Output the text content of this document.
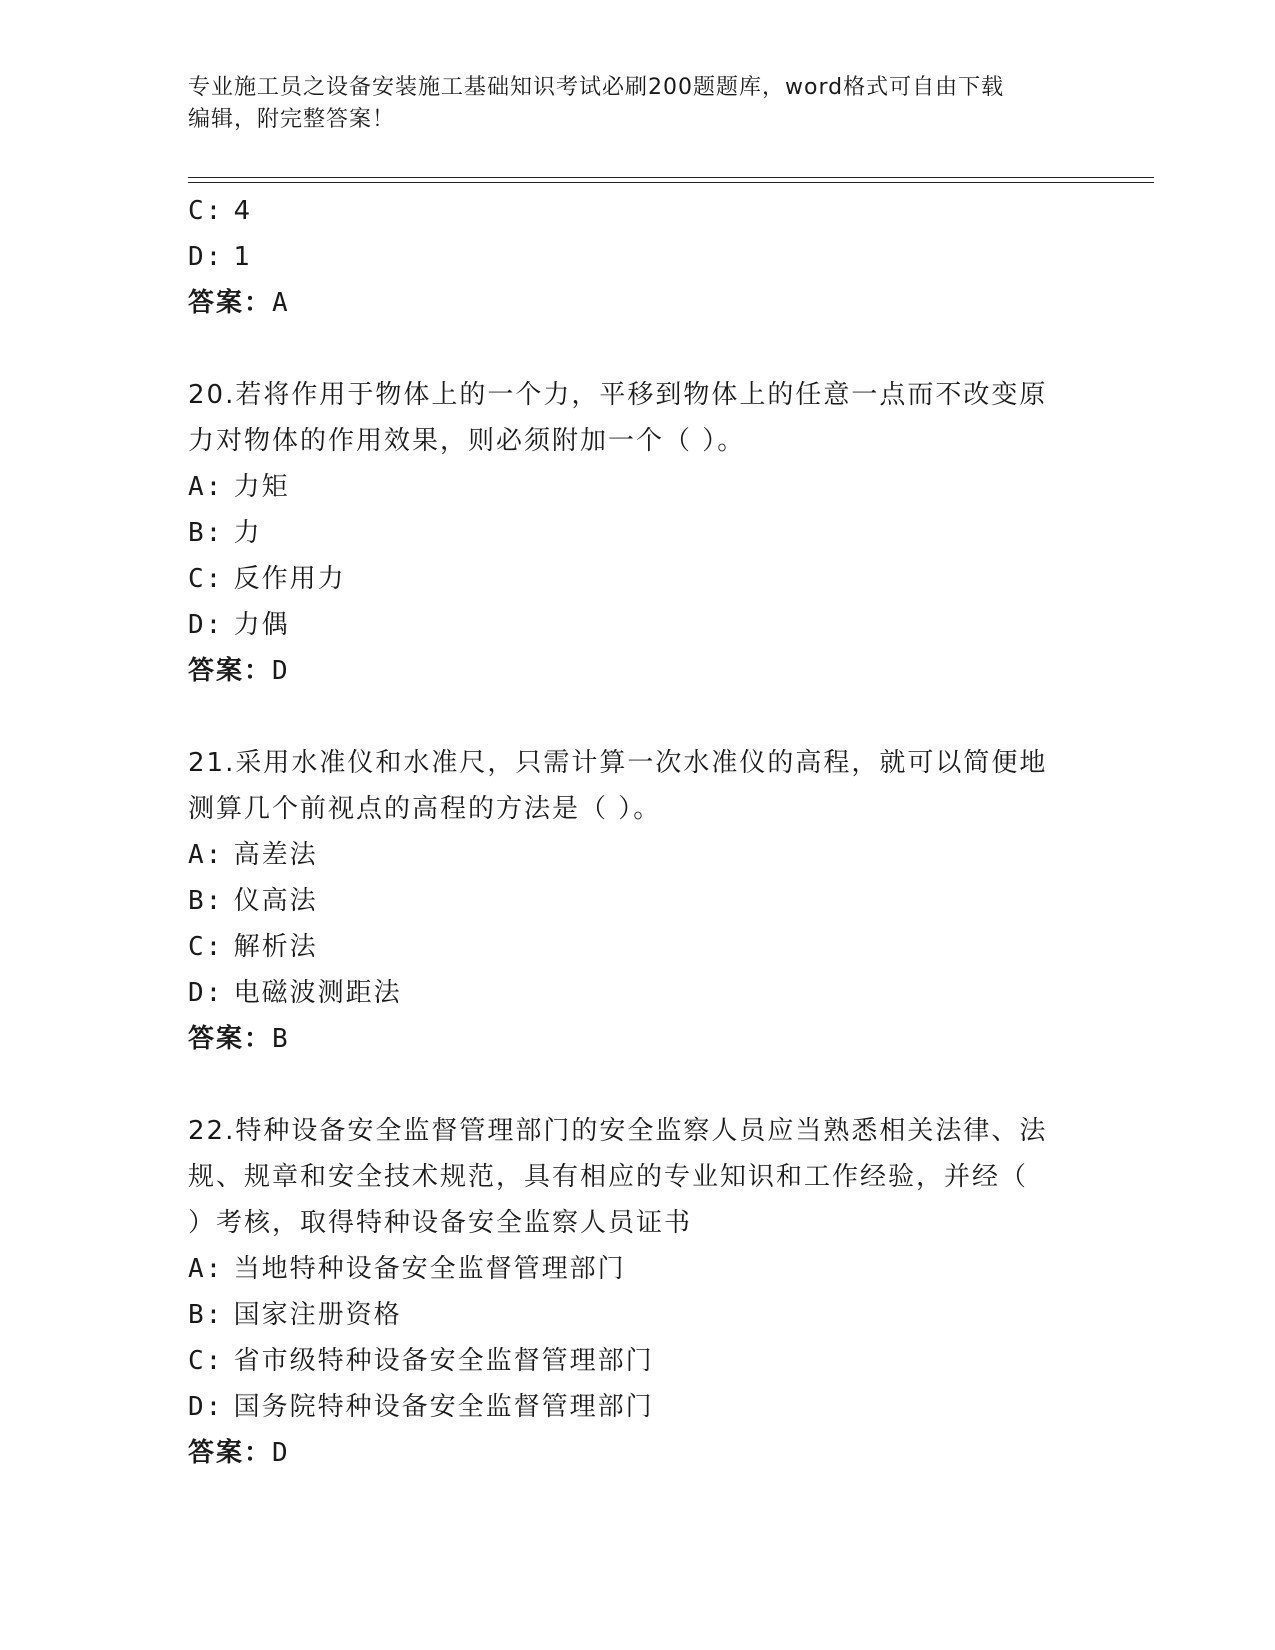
专业施工员之设备安装施工基础知识考试必刷200题题库，word格式可自由下载
编辑，附完整答案！
C: 4
D: 1
答案：A
20.若将作用于物体上的一个力，平移到物体上的任意一点而不改变原
力对物体的作用效果，则必须附加一个（ ）。
A: 力矩
B: 力
C: 反作用力
D: 力偶
答案：D
21.采用水准仪和水准尺，只需计算一次水准仪的高程，就可以简便地
测算几个前视点的高程的方法是（ ）。
A: 高差法
B: 仪高法
C: 解析法
D: 电磁波测距法
答案：B
22.特种设备安全监督管理部门的安全监察人员应当熟悉相关法律、法
规、规章和安全技术规范，具有相应的专业知识和工作经验，并经（
）考核，取得特种设备安全监察人员证书
A: 当地特种设备安全监督管理部门
B: 国家注册资格
C: 省市级特种设备安全监督管理部门
D: 国务院特种设备安全监督管理部门
答案：D
